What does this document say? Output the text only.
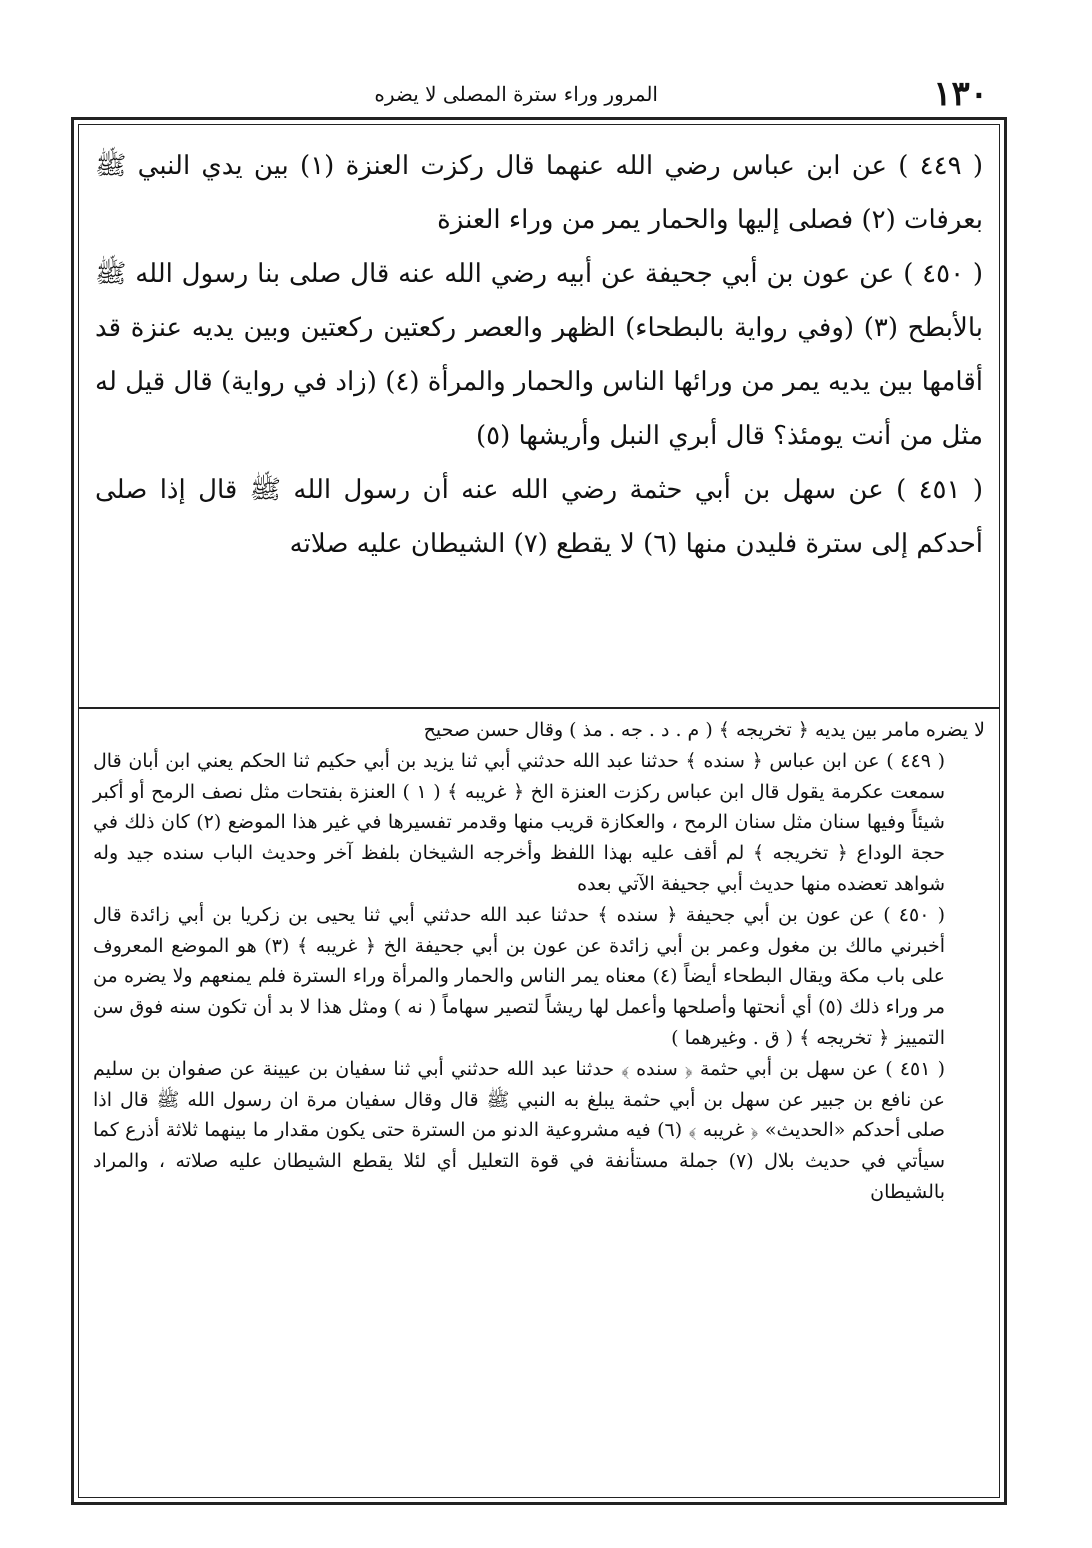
١٣٠
المرور وراء سترة المصلى لا يضره

( ٤٤٩ ) عن ابن عباس رضي الله عنهما قال ركزت العنزة (١) بين يدي النبي ﷺ بعرفات (٢) فصلى إليها والحمار يمر من وراء العنزة

( ٤٥٠ ) عن عون بن أبي جحيفة عن أبيه رضي الله عنه قال صلى بنا رسول الله ﷺ بالأبطح (٣) (وفي رواية بالبطحاء) الظهر والعصر ركعتين ركعتين وبين يديه عنزة قد أقامها بين يديه يمر من ورائها الناس والحمار والمرأة (٤) (زاد في رواية) قال قيل له مثل من أنت يومئذ؟ قال أبري النبل وأريشها (٥)

( ٤٥١ ) عن سهل بن أبي حثمة رضي الله عنه أن رسول الله ﷺ قال إذا صلى أحدكم إلى سترة فليدن منها (٦) لا يقطع (٧) الشيطان عليه صلاته

لا يضره مامر بين يديه ﴿ تخريجه ﴾ ( م . د . جه . مذ ) وقال حسن صحيح

( ٤٤٩ ) عن ابن عباس ﴿ سنده ﴾ حدثنا عبد الله حدثني أبي ثنا يزيد بن أبي حكيم ثنا الحكم يعني ابن أبان قال سمعت عكرمة يقول قال ابن عباس ركزت العنزة الخ ﴿ غريبه ﴾ ( ١ ) العنزة بفتحات مثل نصف الرمح أو أكبر شيئاً وفيها سنان مثل سنان الرمح ، والعكازة قريب منها وقدمر تفسيرها في غير هذا الموضع (٢) كان ذلك في حجة الوداع ﴿ تخريجه ﴾ لم أقف عليه بهذا اللفظ وأخرجه الشيخان بلفظ آخر وحديث الباب سنده جيد وله شواهد تعضده منها حديث أبي جحيفة الآتي بعده

( ٤٥٠ ) عن عون بن أبي جحيفة ﴿ سنده ﴾ حدثنا عبد الله حدثني أبي ثنا يحيى بن زكريا بن أبي زائدة قال أخبرني مالك بن مغول وعمر بن أبي زائدة عن عون بن أبي جحيفة الخ ﴿ غريبه ﴾ (٣) هو الموضع المعروف على باب مكة ويقال البطحاء أيضاً (٤) معناه يمر الناس والحمار والمرأة وراء السترة فلم يمنعهم ولا يضره من مر وراء ذلك (٥) أي أنحتها وأصلحها وأعمل لها ريشاً لتصير سهاماً ( نه ) ومثل هذا لا بد أن تكون سنه فوق سن التمييز ﴿ تخريجه ﴾ ( ق . وغيرهما )

( ٤٥١ ) عن سهل بن أبي حثمة ﴿ سنده ﴾ حدثنا عبد الله حدثني أبي ثنا سفيان بن عيينة عن صفوان بن سليم عن نافع بن جبير عن سهل بن أبي حثمة يبلغ به النبي ﷺ قال وقال سفيان مرة ان رسول الله ﷺ قال اذا صلى أحدكم «الحديث» ﴿ غريبه ﴾ (٦) فيه مشروعية الدنو من السترة حتى يكون مقدار ما بينهما ثلاثة أذرع كما سيأتي في حديث بلال (٧) جملة مستأنفة في قوة التعليل أي لئلا يقطع الشيطان عليه صلاته ، والمراد بالشيطان
